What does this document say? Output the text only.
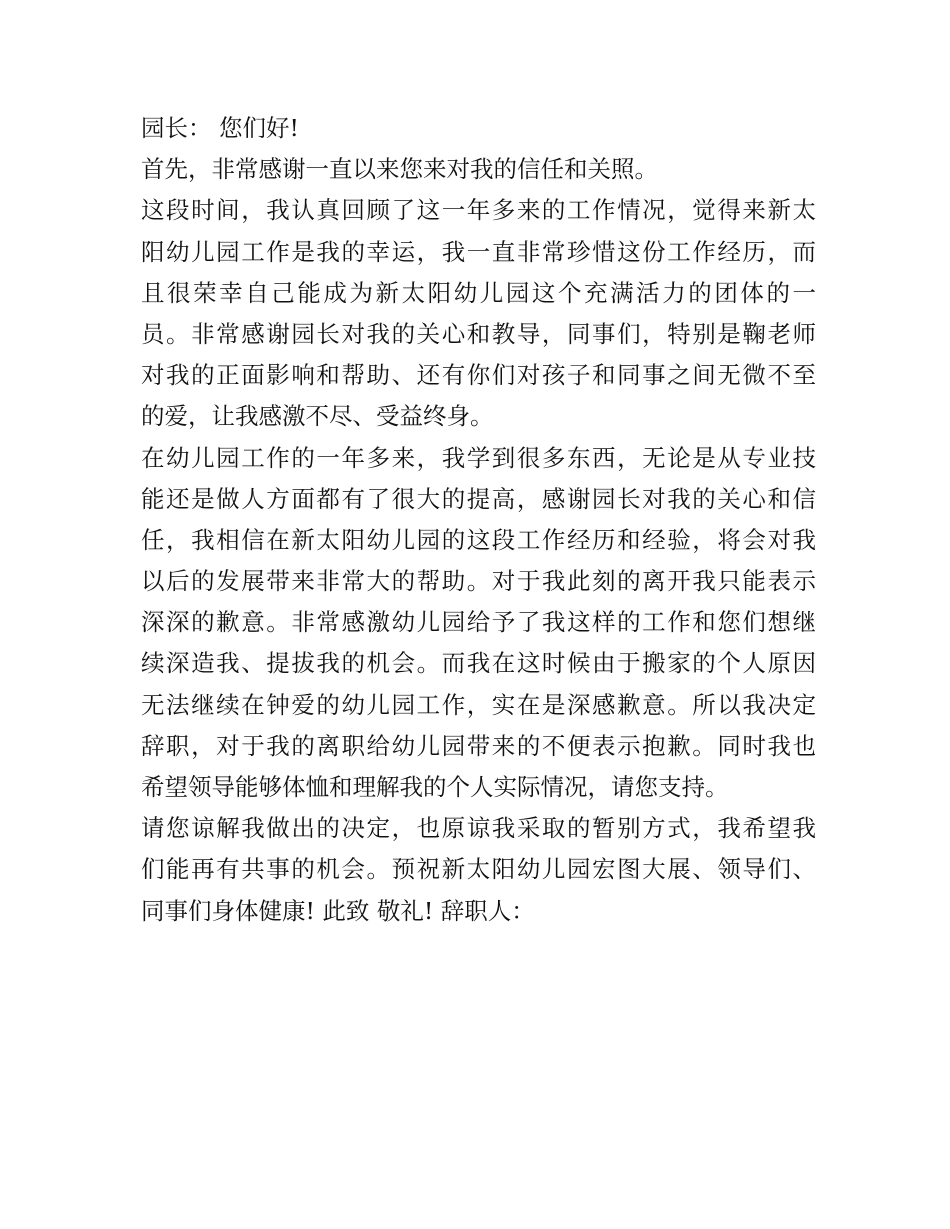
园长： 您们好!
首先，非常感谢一直以来您来对我的信任和关照。
这段时间，我认真回顾了这一年多来的工作情况，觉得来新太
阳幼儿园工作是我的幸运，我一直非常珍惜这份工作经历，而
且很荣幸自己能成为新太阳幼儿园这个充满活力的团体的一
员。非常感谢园长对我的关心和教导，同事们，特别是鞠老师
对我的正面影响和帮助、还有你们对孩子和同事之间无微不至
的爱，让我感激不尽、受益终身。
在幼儿园工作的一年多来，我学到很多东西，无论是从专业技
能还是做人方面都有了很大的提高，感谢园长对我的关心和信
任，我相信在新太阳幼儿园的这段工作经历和经验，将会对我
以后的发展带来非常大的帮助。对于我此刻的离开我只能表示
深深的歉意。非常感激幼儿园给予了我这样的工作和您们想继
续深造我、提拔我的机会。而我在这时候由于搬家的个人原因
无法继续在钟爱的幼儿园工作，实在是深感歉意。所以我决定
辞职，对于我的离职给幼儿园带来的不便表示抱歉。同时我也
希望领导能够体恤和理解我的个人实际情况，请您支持。
请您谅解我做出的决定，也原谅我采取的暂别方式，我希望我
们能再有共事的机会。预祝新太阳幼儿园宏图大展、领导们、
同事们身体健康! 此致 敬礼! 辞职人：
